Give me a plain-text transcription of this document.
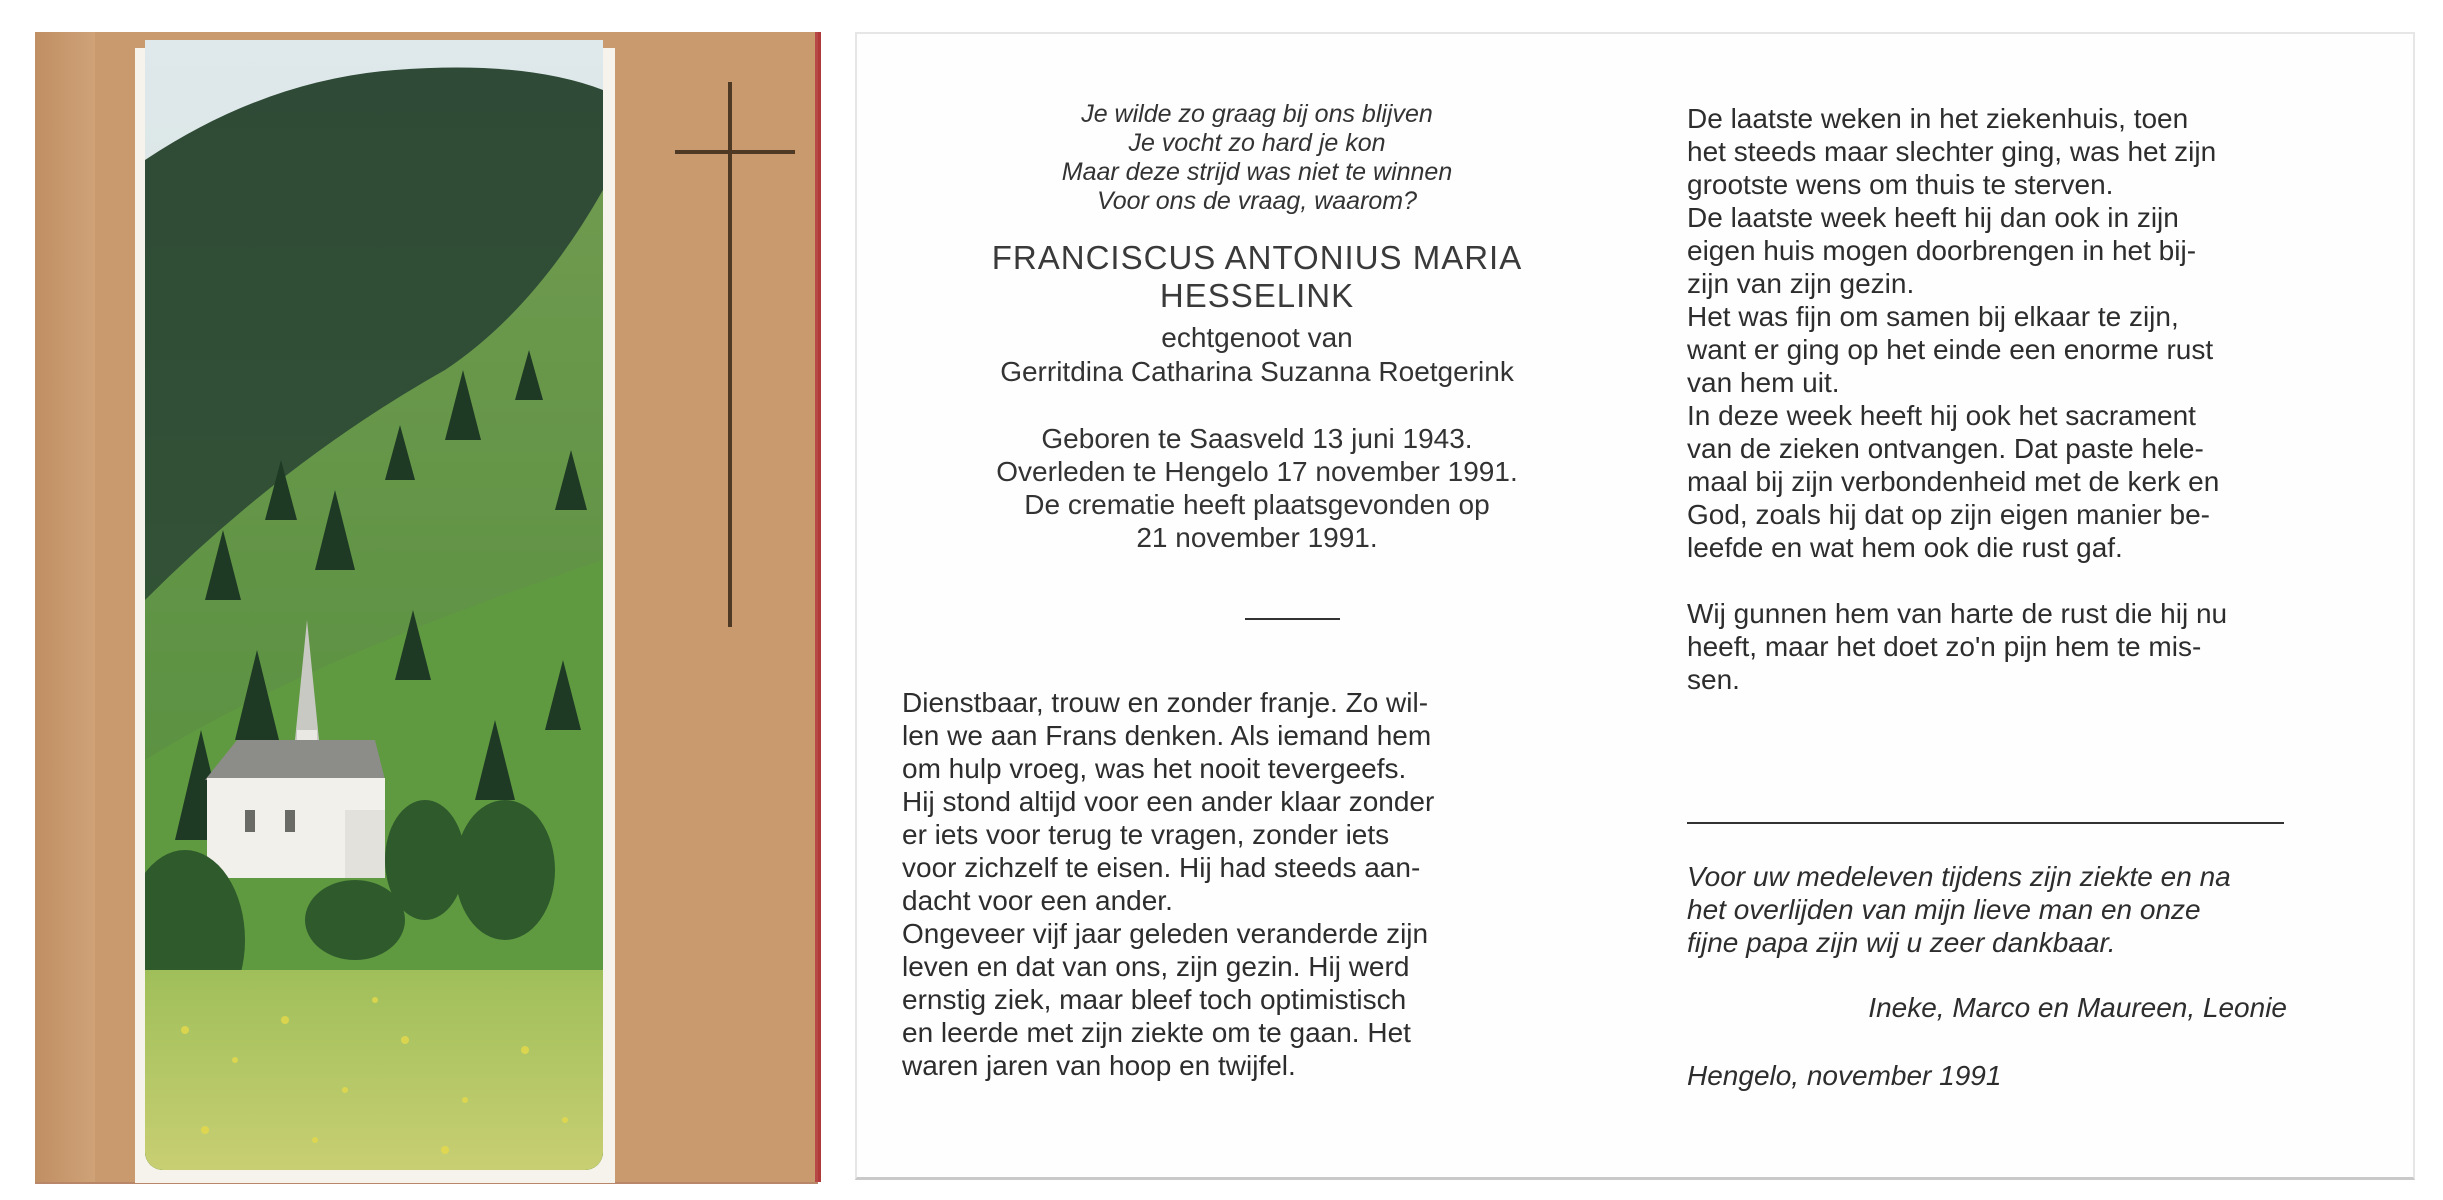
Je wilde zo graag bij ons blijven
Je vocht zo hard je kon
Maar deze strijd was niet te winnen
Voor ons de vraag, waarom?
FRANCISCUS ANTONIUS MARIA
HESSELINK
echtgenoot van
Gerritdina Catharina Suzanna Roetgerink
Geboren te Saasveld 13 juni 1943.
Overleden te Hengelo 17 november 1991.
De crematie heeft plaatsgevonden op
21 november 1991.

Dienstbaar, trouw en zonder franje. Zo wil-

len we aan Frans denken. Als iemand hem

om hulp vroeg, was het nooit tevergeefs.

Hij stond altijd voor een ander klaar zonder

er iets voor terug te vragen, zonder iets

voor zichzelf te eisen. Hij had steeds aan-

dacht voor een ander.

Ongeveer vijf jaar geleden veranderde zijn

leven en dat van ons, zijn gezin. Hij werd

ernstig ziek, maar bleef toch optimistisch

en leerde met zijn ziekte om te gaan. Het

waren jaren van hoop en twijfel.

De laatste weken in het ziekenhuis, toen

het steeds maar slechter ging, was het zijn

grootste wens om thuis te sterven.

De laatste week heeft hij dan ook in zijn

eigen huis mogen doorbrengen in het bij-

zijn van zijn gezin.

Het was fijn om samen bij elkaar te zijn,

want er ging op het einde een enorme rust

van hem uit.

In deze week heeft hij ook het sacrament

van de zieken ontvangen. Dat paste hele-

maal bij zijn verbondenheid met de kerk en

God, zoals hij dat op zijn eigen manier be-

leefde en wat hem ook die rust gaf.

Wij gunnen hem van harte de rust die hij nu

heeft, maar het doet zo'n pijn hem te mis-

sen.

Voor uw medeleven tijdens zijn ziekte en na
het overlijden van mijn lieve man en onze
fijne papa zijn wij u zeer dankbaar.
Ineke, Marco en Maureen, Leonie
Hengelo, november 1991
